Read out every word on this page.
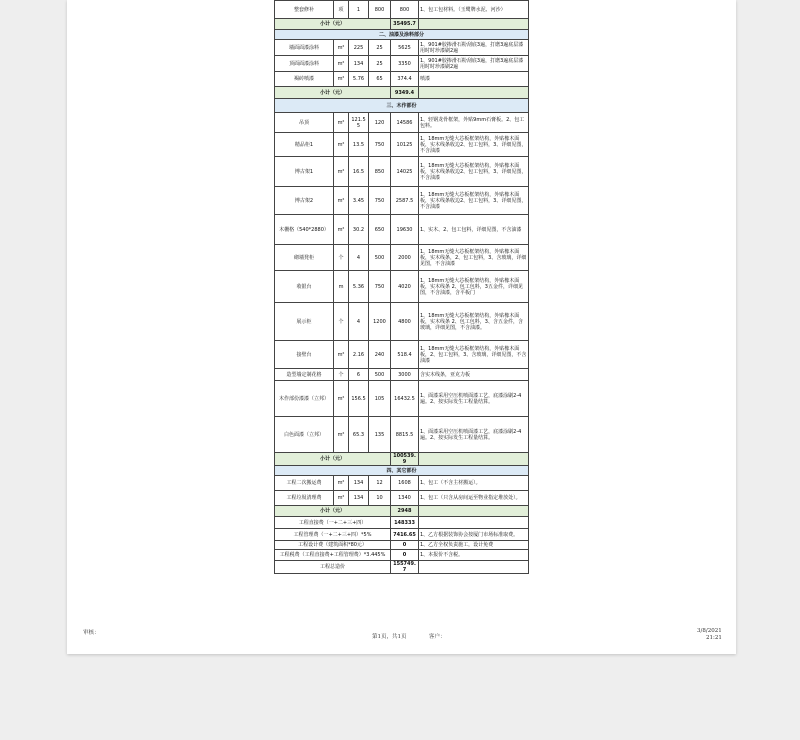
整套修补	项	1	800	800	1、包工包材料。（玉鹭牌水泥、河沙）
小计（元）				35495.7	
二、油漆及涂料部分					
墙面面漆涂料	m²	225	25	5625	1、901#胶掺滑石粉刮底3遍，打磨3遍底层漆用时时珍漆刷2遍
顶面面漆涂料	m²	134	25	3350	1、901#胶掺滑石粉刮底3遍，打磨3遍底层漆用时时珍漆刷2遍
褐砖喷漆	m²	5.76	65	374.4	喷漆
小计（元）				9349.4	
三、木作部份					
吊顶	m²	121.55	120	14586	1、轻钢龙骨框架，外贴9mm石膏板。2、包工包料。
精品柜1	m²	13.5	750	10125	1、18mm无缝大芯板框架结构，外贴橡木面板，实木线条收边2、包工包料，3、详细见图，不含油漆
博古架1	m²	16.5	850	14025	1、18mm无缝大芯板框架结构，外贴橡木面板，实木线条收边2、包工包料，3、详细见图，不含油漆
博古架2	m²	3.45	750	2587.5	1、18mm无缝大芯板框架结构，外贴橡木面板，实木线条收边2、包工包料，3、详细见图，不含油漆
木栅格（540*2880）	m²	30.2	650	19630	1、实木、2、包工包料，详细见图，不含油漆
砌墙凳柜	个	4	500	2000	1、18mm无缝大芯板框架结构，外贴橡木面板，实木线条，2、包工包料，3、含玻璃，详细见图，不含油漆
收银台	m	5.36	750	4020	1、18mm无缝大芯板框架结构，外贴橡木面板，实木线条 2、包工包料，3五金件，详细见图，不含油漆，含平板门
展示柜	个	4	1200	4800	1、18mm无缝大芯板框架结构，外贴橡木面板，实木线条 2、包工包料，3、含五金件，含玻璃，详细见图，不含油漆。
接壁台	m²	2.16	240	518.4	1、18mm无缝大芯板框架结构，外贴橡木面板，2、包工包料，3、含玻璃，详细见图，不含油漆
造型墙定制花格	个	6	500	3000	含实木线条，亚克力板
木作部份漆漆（立邦）	m²	156.5	105	16432.5	1、面漆采用空压机喷面漆工艺，底漆涂刷2-4遍。2、按实际发生工程量结算。
白色面漆（立邦）	m²	65.3	135	8815.5	1、面漆采用空压机喷面漆工艺，底漆涂刷2-4遍。2、按实际发生工程量结算。
小计（元）				100539.9	
四、其它部份					
工程二次搬运费	m²	134	12	1608	1、包工（不含主材搬运）。
工程垃圾清理费	m²	134	10	1340	1、包工（只含从房间运至物业指定堆放处）。
小计（元）				2948	
工程直接费（一+二+三+四）				148333	
工程管理费（一+二+三+四）*5%				7416.65	1、乙方根据装饰协会按厦门市场标准取费。
工程设计费（建筑面积*80元）				0	1、乙方全权负责施工，设计免费
工程税费（工程直接费+工程管理费）*3.445%				0	1、本报价不含税。
工程总造价				155749.7	
审核：
第1页，共1页	客户：
3/8/2021
21:21
